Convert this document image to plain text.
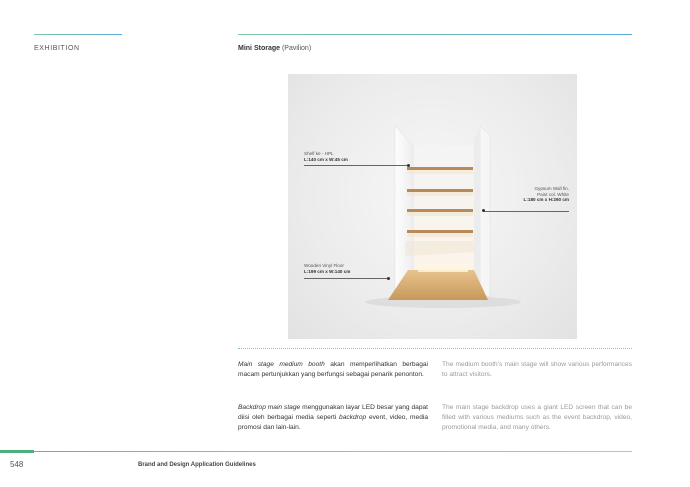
EXHIBITION	Mini Storage (Pavilion)
Shelf ke - HPL
L:140 cm x W:45 cm
Gypsum Wall fin.
Paint col. White
L:180 cm x H:260 cm
Wooden Vinyl Floor
L:199 cm x W:140 cm

Main stage medium booth akan memperlihatkan berbagai macam pertunjukkan yang berfungsi sebagai penarik penonton.

Backdrop main stage menggunakan layar LED besar yang dapat diisi oleh berbagai media seperti backdrop event, video, media promosi dan lain-lain.

The medium booth's main stage will show various performances to attract visitors.

The main stage backdrop uses a giant LED screen that can be filled with various mediums such as the event backdrop, video, promotional media, and many others.

548	Brand and Design Application Guidelines
